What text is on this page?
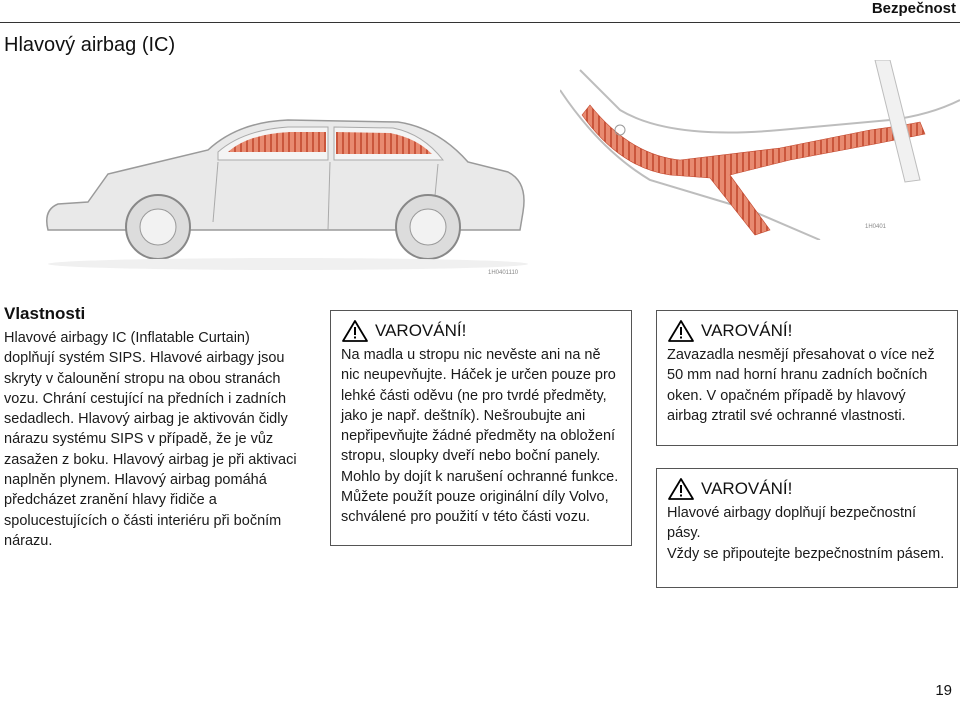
Bezpečnost
Hlavový airbag (IC)
1H0401110
1H0401
Vlastnosti
Hlavové airbagy IC (Inflatable Curtain) doplňují systém SIPS. Hlavové airbagy jsou skryty v čalounění stropu na obou stranách vozu. Chrání cestující na předních i zadních sedadlech. Hlavový airbag je aktivován čidly nárazu systému SIPS v případě, že je vůz zasažen z boku. Hlavový airbag je při aktivaci naplněn plynem. Hlavový airbag pomáhá předcházet zranění hlavy řidiče a spolucestujících o části interiéru při bočním nárazu.
VAROVÁNÍ!
Na madla u stropu nic nevěste ani na ně nic neupevňujte. Háček je určen pouze pro lehké části oděvu (ne pro tvrdé předměty, jako je např. deštník). Nešroubujte ani nepřipevňujte žádné předměty na obložení stropu, sloupky dveří nebo boční panely. Mohlo by dojít k narušení ochranné funkce. Můžete použít pouze originální díly Volvo, schválené pro použití v této části vozu.
VAROVÁNÍ!
Zavazadla nesmějí přesahovat o více než 50 mm nad horní hranu zadních bočních oken. V opačném případě by hlavový airbag ztratil své ochranné vlastnosti.
VAROVÁNÍ!
Hlavové airbagy doplňují bezpečnostní pásy.
Vždy se připoutejte bezpečnostním pásem.
19
